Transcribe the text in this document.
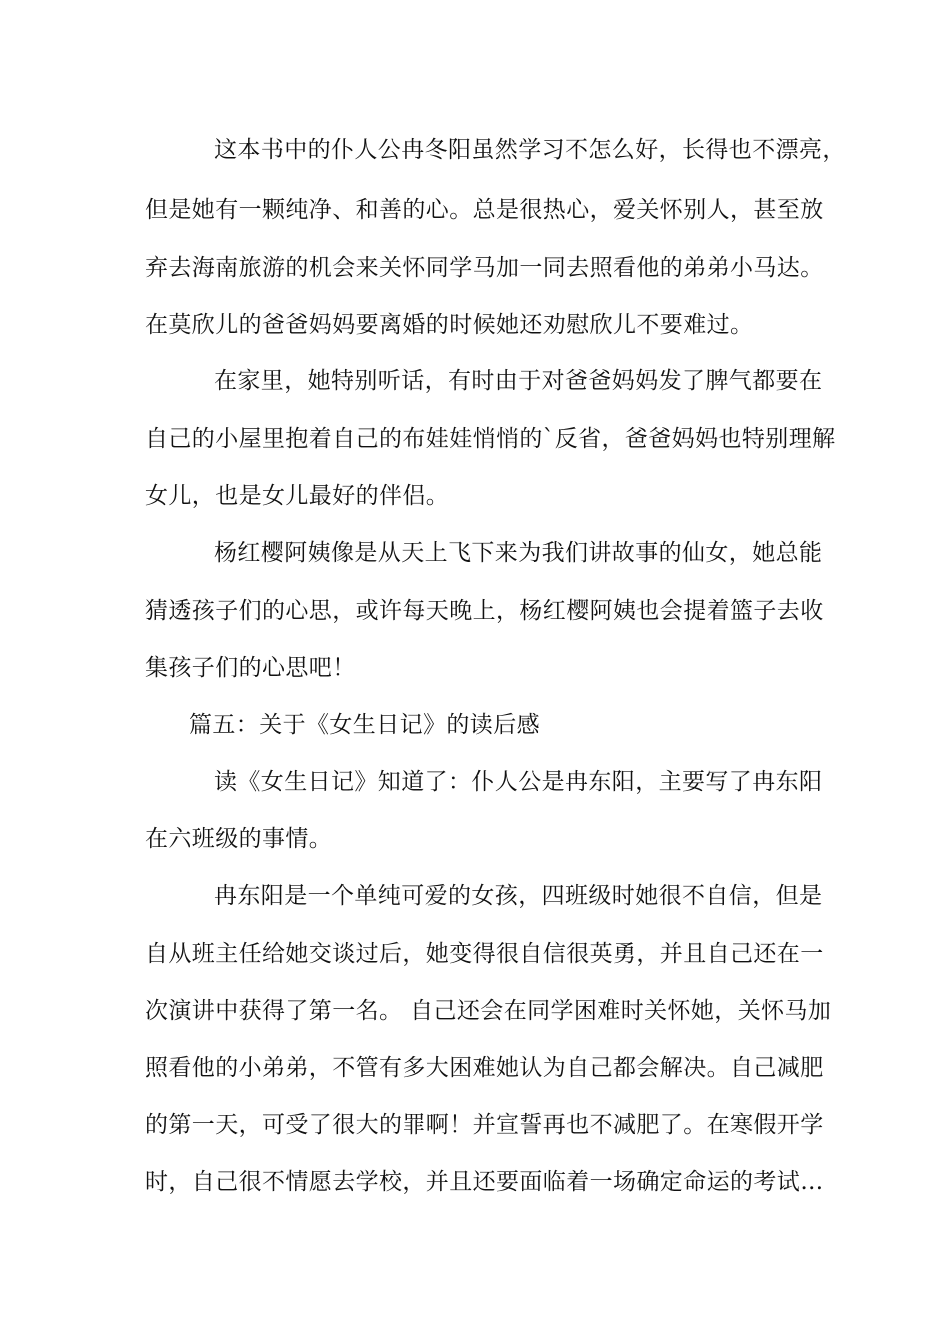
这本书中的仆人公冉冬阳虽然学习不怎么好，长得也不漂亮，
但是她有一颗纯净、和善的心。总是很热心，爱关怀别人，甚至放
弃去海南旅游的机会来关怀同学马加一同去照看他的弟弟小马达。
在莫欣儿的爸爸妈妈要离婚的时候她还劝慰欣儿不要难过。
在家里，她特别听话，有时由于对爸爸妈妈发了脾气都要在
自己的小屋里抱着自己的布娃娃悄悄的`反省，爸爸妈妈也特别理解
女儿，也是女儿最好的伴侣。
杨红樱阿姨像是从天上飞下来为我们讲故事的仙女，她总能
猜透孩子们的心思，或许每天晚上，杨红樱阿姨也会提着篮子去收
集孩子们的心思吧！
篇五：关于《女生日记》的读后感
读《女生日记》知道了：仆人公是冉东阳，主要写了冉东阳
在六班级的事情。
冉东阳是一个单纯可爱的女孩，四班级时她很不自信，但是
自从班主任给她交谈过后，她变得很自信很英勇，并且自己还在一
次演讲中获得了第一名。 自己还会在同学困难时关怀她，关怀马加
照看他的小弟弟，不管有多大困难她认为自己都会解决。自己减肥
的第一天，可受了很大的罪啊！并宣誓再也不减肥了。在寒假开学
时，自己很不情愿去学校，并且还要面临着一场确定命运的考试…
